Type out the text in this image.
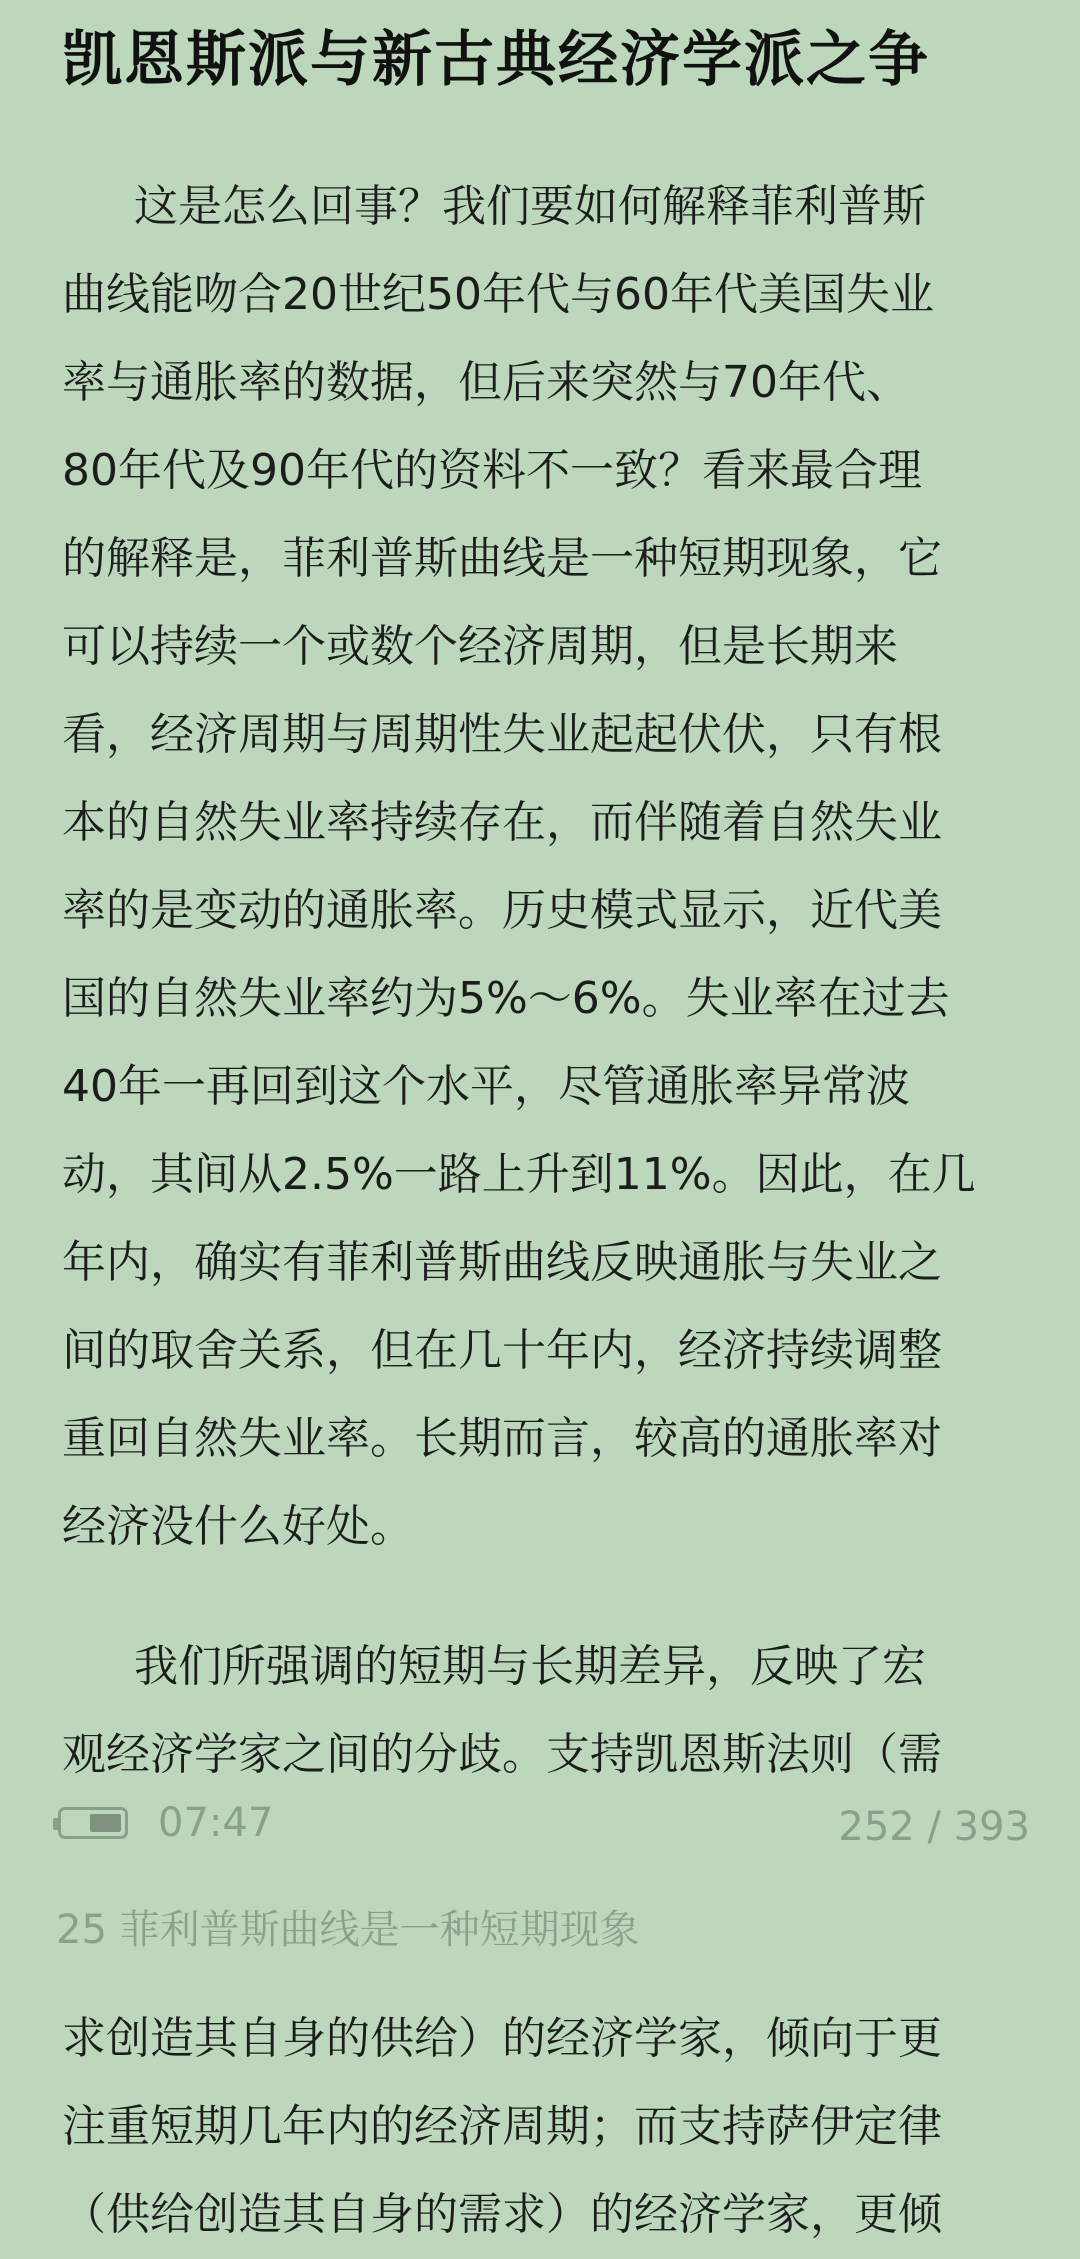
凯恩斯派与新古典经济学派之争
这是怎么回事？我们要如何解释菲利普斯
曲线能吻合20世纪50年代与60年代美国失业
率与通胀率的数据，但后来突然与70年代、
80年代及90年代的资料不一致？看来最合理
的解释是，菲利普斯曲线是一种短期现象，它
可以持续一个或数个经济周期，但是长期来
看，经济周期与周期性失业起起伏伏，只有根
本的自然失业率持续存在，而伴随着自然失业
率的是变动的通胀率。历史模式显示，近代美
国的自然失业率约为5%～6%。失业率在过去
40年一再回到这个水平，尽管通胀率异常波
动，其间从2.5%一路上升到11%。因此，在几
年内，确实有菲利普斯曲线反映通胀与失业之
间的取舍关系，但在几十年内，经济持续调整
重回自然失业率。长期而言，较高的通胀率对
经济没什么好处。
我们所强调的短期与长期差异，反映了宏
观经济学家之间的分歧。支持凯恩斯法则（需
07:47	252 / 393
25 菲利普斯曲线是一种短期现象
求创造其自身的供给）的经济学家，倾向于更
注重短期几年内的经济周期；而支持萨伊定律
（供给创造其自身的需求）的经济学家，更倾
